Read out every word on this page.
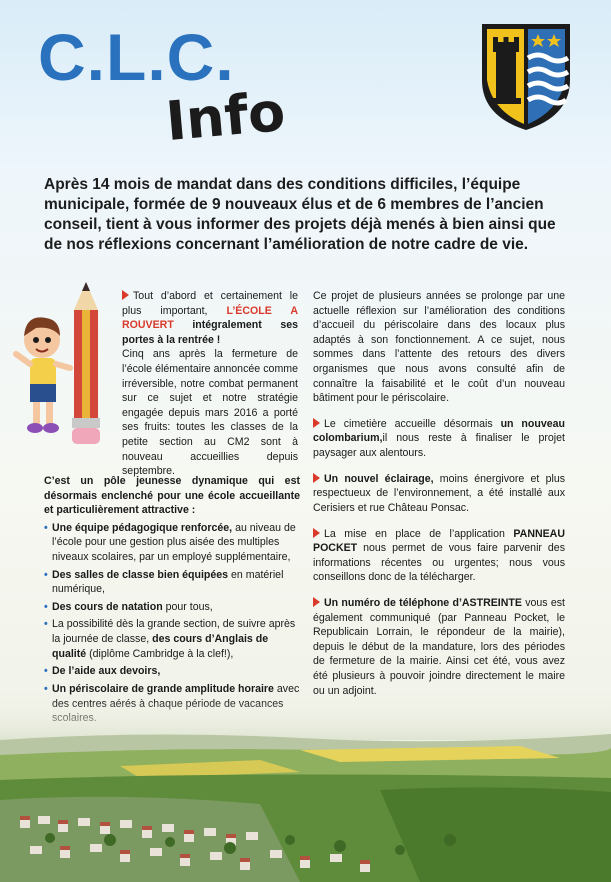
C.L.C.
Info
Après 14 mois de mandat dans des conditions difficiles, l’équipe municipale, formée de 9 nouveaux élus et de 6 membres de l’ancien conseil, tient à vous informer des projets déjà menés à bien ainsi que de nos réflexions concernant l’amélioration de notre cadre de vie.

Tout d’abord et certainement le plus important, L’ÉCOLE A ROUVERT intégralement ses portes à la rentrée !

Cinq ans après la fermeture de l’école élémentaire annoncée comme irréversible, notre combat permanent sur ce sujet et notre stratégie engagée depuis mars 2016 a porté ses fruits: toutes les classes de la petite section au CM2 sont à nouveau accueillies depuis septembre.

C’est un pôle jeunesse dynamique qui est désormais enclenché pour une école accueillante et particulièrement attractive :

• Une équipe pédagogique renforcée, au niveau de l’école pour une gestion plus aisée des multiples niveaux scolaires, par un employé supplémentaire,
• Des salles de classe bien équipées en matériel numérique,
• Des cours de natation pour tous,
• La possibilité dès la grande section, de suivre après la journée de classe, des cours d’Anglais de qualité (diplôme Cambridge à la clef!),
• De l’aide aux devoirs,
• Un périscolaire de grande amplitude horaire avec

Ce projet de plusieurs années se prolonge par une actuelle réflexion sur l’amélioration des conditions d’accueil du périscolaire dans des locaux plus adaptés à son fonctionnement. A ce sujet, nous sommes dans l’attente des retours des divers organismes que nous avons consulté afin de connaître la faisabilité et le coût d’un nouveau bâtiment pour le périscolaire.

Le cimetière accueille désormais un nouveau colombarium,il nous reste à finaliser le projet paysager aux alentours.

Un nouvel éclairage, moins énergivore et plus respectueux de l’environnement, a été installé aux Cerisiers et rue Château Ponsac.

La mise en place de l’application PANNEAU POCKET nous permet de vous faire parvenir des informations récentes ou urgentes; nous vous conseillons donc de la télécharger.

Un numéro de téléphone d’ASTREINTE vous est également communiqué (par Panneau Pocket, le Republicain Lorrain, le répondeur de la mairie), depuis le début de la mandature, lors des périodes de fermeture de la mairie. Ainsi cet été, vous avez été plusieurs à pouvoir joindre directement le maire ou un adjoint.
